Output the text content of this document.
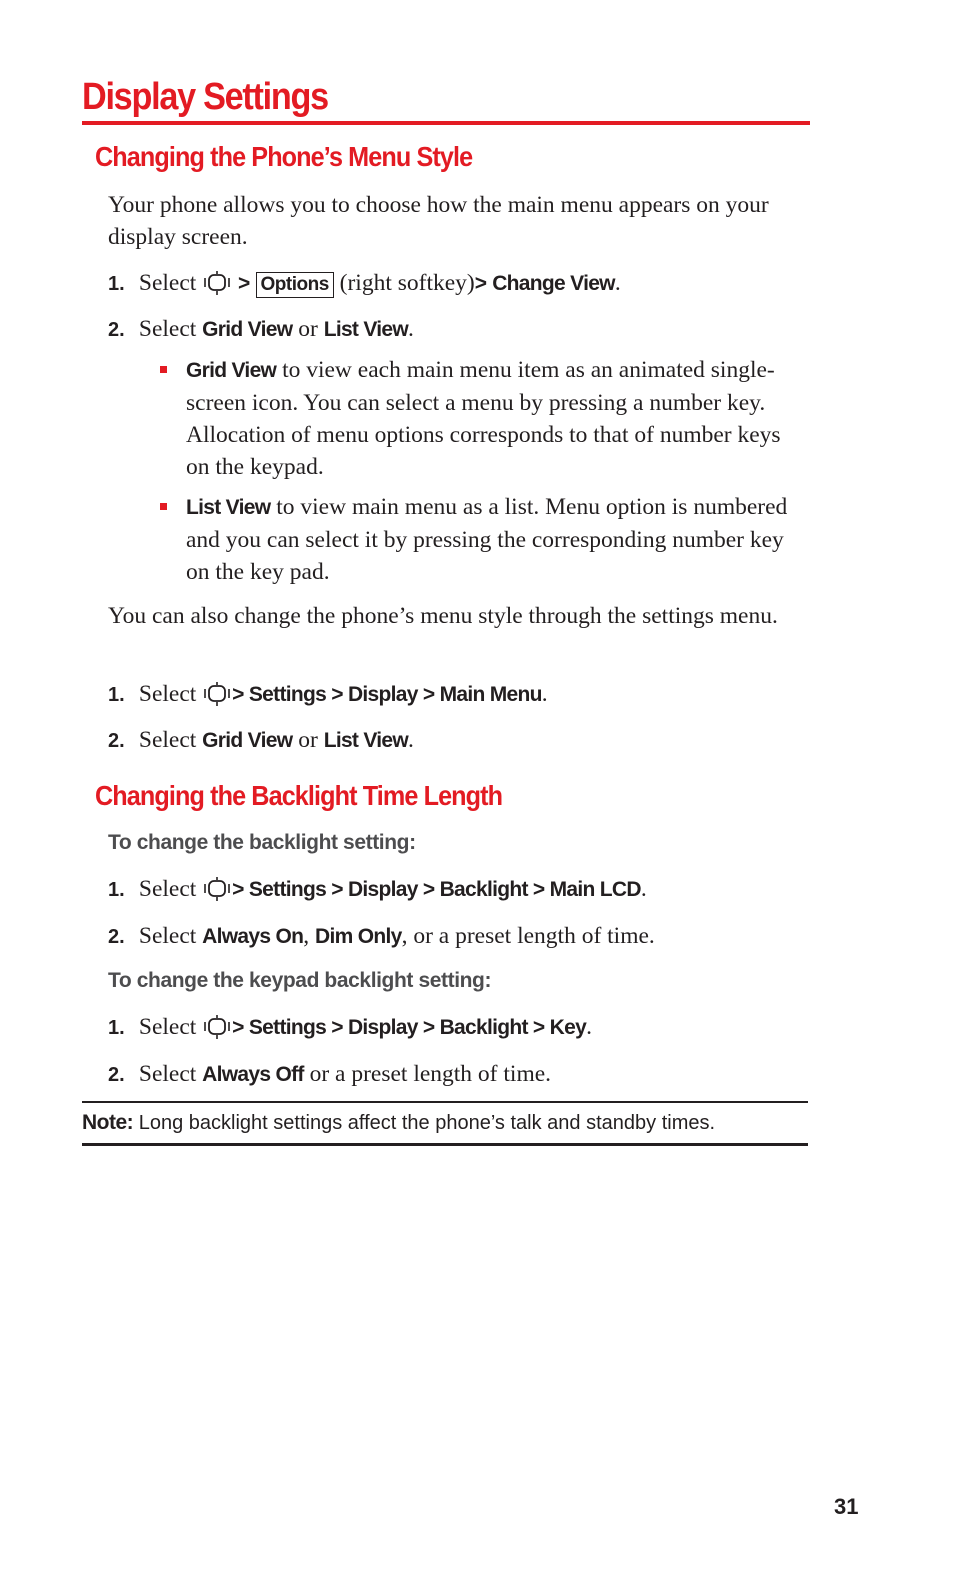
Display Settings
Changing the Phone’s Menu Style
Your phone allows you to choose how the main menu appears on your display screen.
1. Select > Options (right softkey)> Change View.
2. Select Grid View or List View.
Grid View to view each main menu item as an animated single-screen icon. You can select a menu by pressing a number key. Allocation of menu options corresponds to that of number keys on the keypad.
List View to view main menu as a list. Menu option is numbered and you can select it by pressing the corresponding number key on the key pad.
You can also change the phone’s menu style through the settings menu.
1. Select > Settings > Display > Main Menu.
2. Select Grid View or List View.
Changing the Backlight Time Length
To change the backlight setting:
1. Select > Settings > Display > Backlight > Main LCD.
2. Select Always On, Dim Only, or a preset length of time.
To change the keypad backlight setting:
1. Select > Settings > Display > Backlight > Key.
2. Select Always Off or a preset length of time.
Note: Long backlight settings affect the phone’s talk and standby times.
31
